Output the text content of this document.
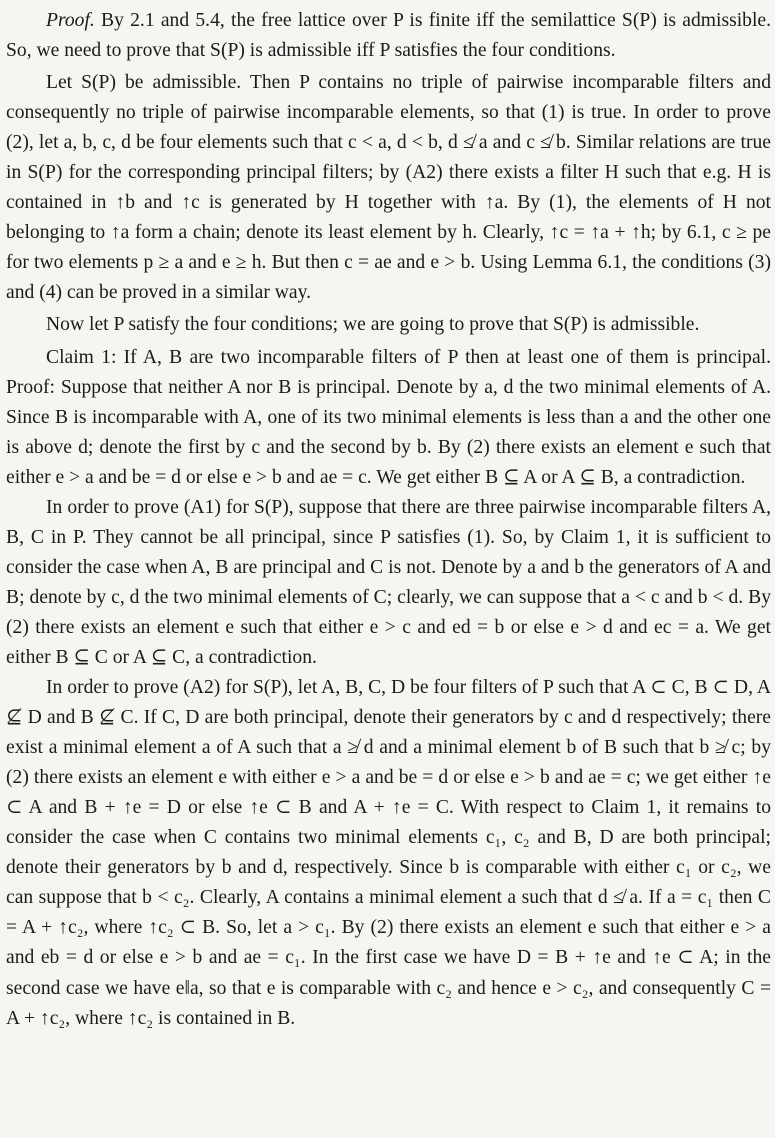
Proof. By 2.1 and 5.4, the free lattice over P is finite iff the semilattice S(P) is admissible. So, we need to prove that S(P) is admissible iff P satisfies the four conditions.

Let S(P) be admissible. Then P contains no triple of pairwise incomparable filters and consequently no triple of pairwise incomparable elements, so that (1) is true. In order to prove (2), let a, b, c, d be four elements such that c < a, d < b, d ≰ a and c ≰ b. Similar relations are true in S(P) for the corresponding principal filters; by (A2) there exists a filter H such that e.g. H is contained in ↑b and ↑c is generated by H together with ↑a. By (1), the elements of H not belonging to ↑a form a chain; denote its least element by h. Clearly, ↑c = ↑a + ↑h; by 6.1, c ≥ pe for two elements p ≥ a and e ≥ h. But then c = ae and e > b. Using Lemma 6.1, the conditions (3) and (4) can be proved in a similar way.

Now let P satisfy the four conditions; we are going to prove that S(P) is admissible.

Claim 1: If A, B are two incomparable filters of P then at least one of them is principal. Proof: Suppose that neither A nor B is principal. Denote by a, d the two minimal elements of A. Since B is incomparable with A, one of its two minimal elements is less than a and the other one is above d; denote the first by c and the second by b. By (2) there exists an element e such that either e > a and be = d or else e > b and ae = c. We get either B ⊆ A or A ⊆ B, a contradiction.

In order to prove (A1) for S(P), suppose that there are three pairwise incomparable filters A, B, C in P. They cannot be all principal, since P satisfies (1). So, by Claim 1, it is sufficient to consider the case when A, B are principal and C is not. Denote by a and b the generators of A and B; denote by c, d the two minimal elements of C; clearly, we can suppose that a < c and b < d. By (2) there exists an element e such that either e > c and ed = b or else e > d and ec = a. We get either B ⊆ C or A ⊆ C, a contradiction.

In order to prove (A2) for S(P), let A, B, C, D be four filters of P such that A ⊂ C, B ⊂ D, A ⊈ D and B ⊈ C. If C, D are both principal, denote their generators by c and d respectively; there exist a minimal element a of A such that a ≱ d and a minimal element b of B such that b ≱ c; by (2) there exists an element e with either e > a and be = d or else e > b and ae = c; we get either ↑e ⊂ A and B + ↑e = D or else ↑e ⊂ B and A + ↑e = C. With respect to Claim 1, it remains to consider the case when C contains two minimal elements c₁, c₂ and B, D are both principal; denote their generators by b and d, respectively. Since b is comparable with either c₁ or c₂, we can suppose that b < c₂. Clearly, A contains a minimal element a such that d ≰ a. If a = c₁ then C = A + ↑c₂, where ↑c₂ ⊂ B. So, let a > c₁. By (2) there exists an element e such that either e > a and eb = d or else e > b and ae = c₁. In the first case we have D = B + ↑e and ↑e ⊂ A; in the second case we have e‖a, so that e is comparable with c₂ and hence e > c₂, and consequently C = A + ↑c₂, where ↑c₂ is contained in B.
